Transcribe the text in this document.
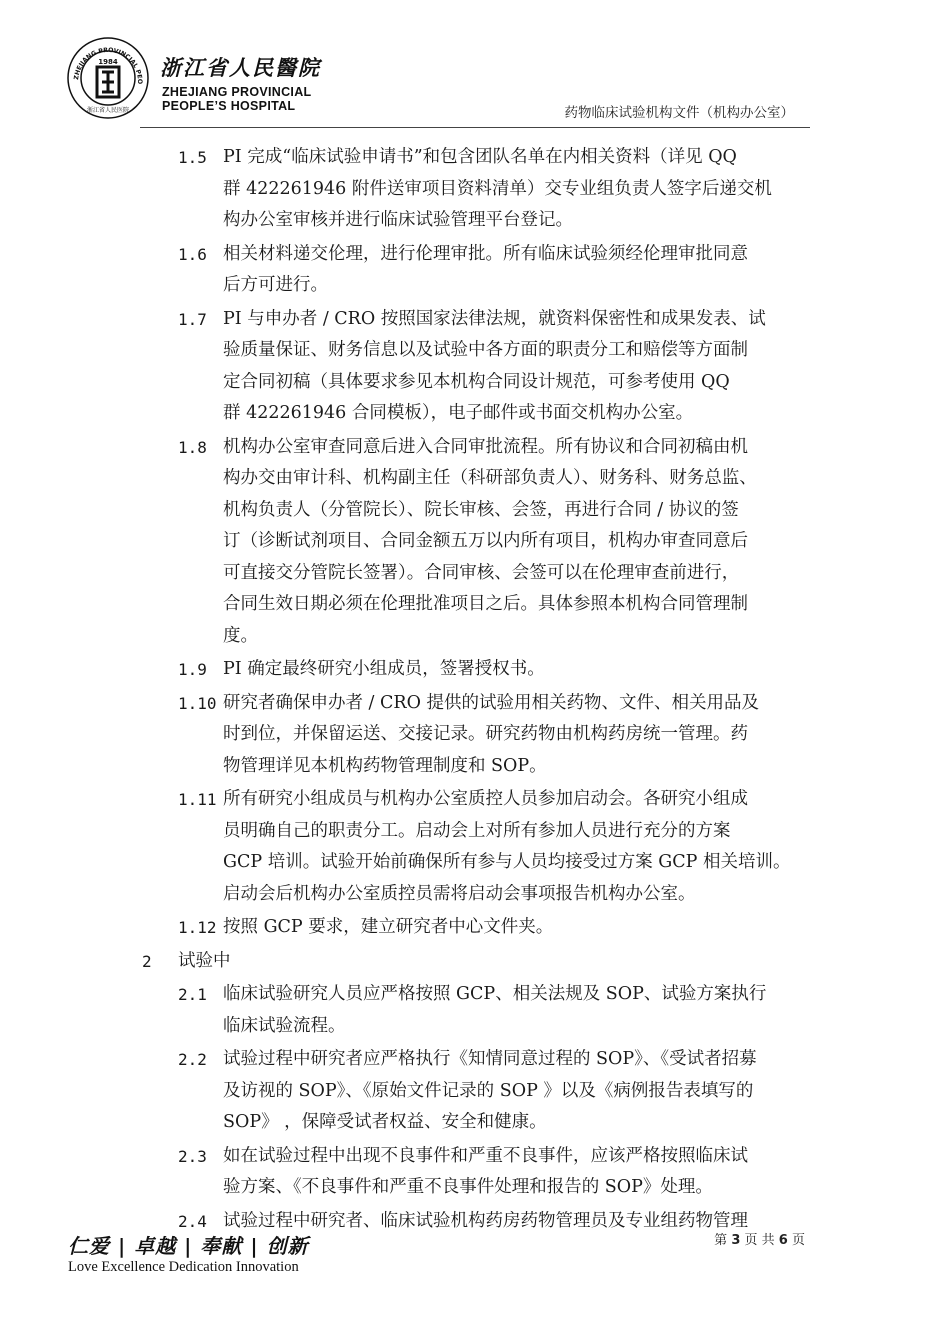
ZHEJIANG PROVINCIAL PEO
1984
浙江省人民医院
浙江省人民醫院
ZHEJIANG PROVINCIAL
PEOPLE’S HOSPITAL	药物临床试验机构文件（机构办公室）
1.5 PI 完成“临床试验申请书”和包含团队名单在内相关资料（详见 QQ
群 422261946 附件送审项目资料清单）交专业组负责人签字后递交机
构办公室审核并进行临床试验管理平台登记。
1.6 相关材料递交伦理，进行伦理审批。所有临床试验须经伦理审批同意
后方可进行。
1.7 PI 与申办者 / CRO 按照国家法律法规，就资料保密性和成果发表、试
验质量保证、财务信息以及试验中各方面的职责分工和赔偿等方面制
定合同初稿（具体要求参见本机构合同设计规范，可参考使用 QQ
群 422261946 合同模板），电子邮件或书面交机构办公室。
1.8 机构办公室审查同意后进入合同审批流程。所有协议和合同初稿由机
构办交由审计科、机构副主任（科研部负责人）、财务科、财务总监、
机构负责人（分管院长）、院长审核、会签，再进行合同 / 协议的签
订（诊断试剂项目、合同金额五万以内所有项目，机构办审查同意后
可直接交分管院长签署）。合同审核、会签可以在伦理审查前进行，
合同生效日期必须在伦理批准项目之后。具体参照本机构合同管理制
度。
1.9 PI 确定最终研究小组成员，签署授权书。
1.10 研究者确保申办者 / CRO 提供的试验用相关药物、文件、相关用品及
时到位，并保留运送、交接记录。研究药物由机构药房统一管理。药
物管理详见本机构药物管理制度和 SOP。
1.11 所有研究小组成员与机构办公室质控人员参加启动会。各研究小组成
员明确自己的职责分工。启动会上对所有参加人员进行充分的方案
GCP 培训。试验开始前确保所有参与人员均接受过方案 GCP 相关培训。
启动会后机构办公室质控员需将启动会事项报告机构办公室。
1.12 按照 GCP 要求，建立研究者中心文件夹。
2 试验中
2.1 临床试验研究人员应严格按照 GCP、相关法规及 SOP、试验方案执行
临床试验流程。
2.2 试验过程中研究者应严格执行《知情同意过程的 SOP》、《受试者招募
及访视的 SOP》、《原始文件记录的 SOP 》以及《病例报告表填写的
SOP》 ，保障受试者权益、安全和健康。
2.3 如在试验过程中出现不良事件和严重不良事件，应该严格按照临床试
验方案、《不良事件和严重不良事件处理和报告的 SOP》处理。
2.4 试验过程中研究者、临床试验机构药房药物管理员及专业组药物管理
仁爱 | 卓越 | 奉献 | 创新
Love Excellence Dedication Innovation
第 3 页 共 6 页
